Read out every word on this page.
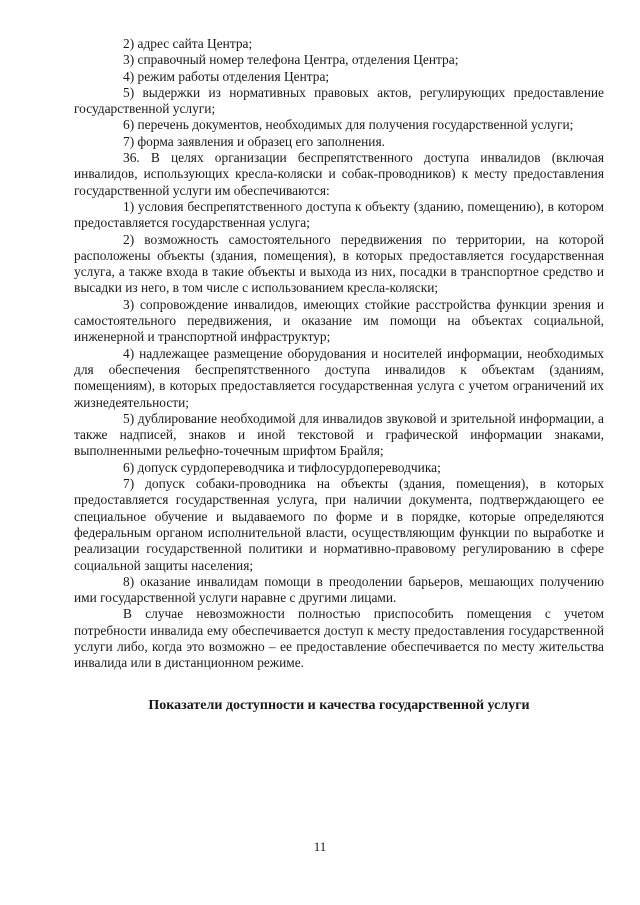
2) адрес сайта Центра;

3) справочный номер телефона Центра, отделения Центра;

4) режим работы отделения Центра;

5) выдержки из нормативных правовых актов, регулирующих предоставление государственной услуги;

6) перечень документов, необходимых для получения государственной услуги;

7) форма заявления и образец его заполнения.

36. В целях организации беспрепятственного доступа инвалидов (включая инвалидов, использующих кресла-коляски и собак-проводников) к месту предоставления государственной услуги им обеспечиваются:

1) условия беспрепятственного доступа к объекту (зданию, помещению), в котором предоставляется государственная услуга;

2) возможность самостоятельного передвижения по территории, на которой расположены объекты (здания, помещения), в которых предоставляется государственная услуга, а также входа в такие объекты и выхода из них, посадки в транспортное средство и высадки из него, в том числе с использованием кресла-коляски;

3) сопровождение инвалидов, имеющих стойкие расстройства функции зрения и самостоятельного передвижения, и оказание им помощи на объектах социальной, инженерной и транспортной инфраструктур;

4) надлежащее размещение оборудования и носителей информации, необходимых для обеспечения беспрепятственного доступа инвалидов к объектам (зданиям, помещениям), в которых предоставляется государственная услуга с учетом ограничений их жизнедеятельности;

5) дублирование необходимой для инвалидов звуковой и зрительной информации, а также надписей, знаков и иной текстовой и графической информации знаками, выполненными рельефно-точечным шрифтом Брайля;

6) допуск сурдопереводчика и тифлосурдопереводчика;

7) допуск собаки-проводника на объекты (здания, помещения), в которых предоставляется государственная услуга, при наличии документа, подтверждающего ее специальное обучение и выдаваемого по форме и в порядке, которые определяются федеральным органом исполнительной власти, осуществляющим функции по выработке и реализации государственной политики и нормативно-правовому регулированию в сфере социальной защиты населения;

8) оказание инвалидам помощи в преодолении барьеров, мешающих получению ими государственной услуги наравне с другими лицами.

В случае невозможности полностью приспособить помещения с учетом потребности инвалида ему обеспечивается доступ к месту предоставления государственной услуги либо, когда это возможно – ее предоставление обеспечивается по месту жительства инвалида или в дистанционном режиме.

Показатели доступности и качества государственной услуги
11
